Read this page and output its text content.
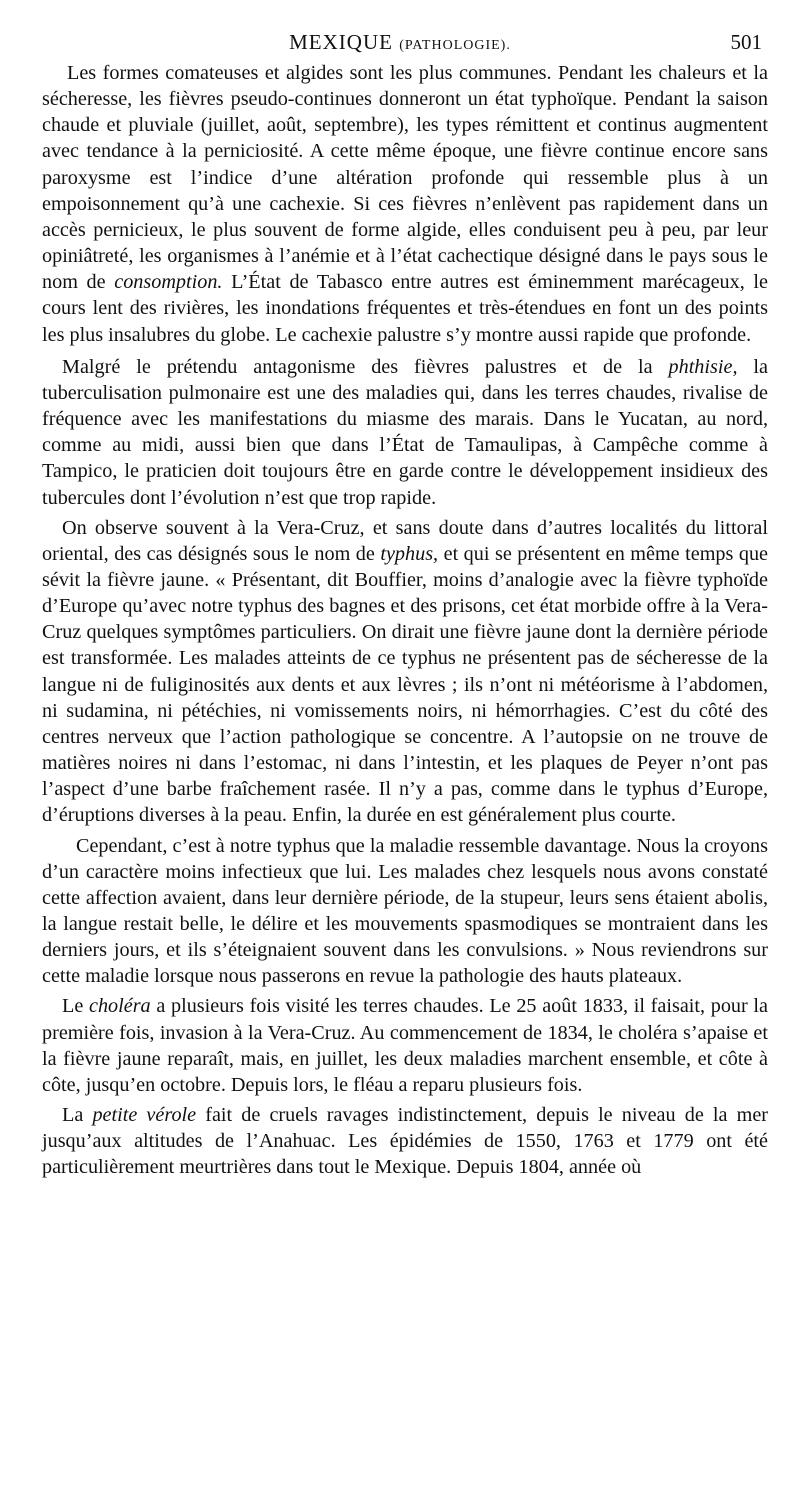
MEXIQUE (PATHOLOGIE).	501

Les formes comateuses et algides sont les plus communes. Pendant les chaleurs et la sécheresse, les fièvres pseudo-continues donneront un état typhoïque. Pendant la saison chaude et pluviale (juillet, août, septembre), les types rémittent et continus augmentent avec tendance à la perniciosité. A cette même époque, une fièvre continue encore sans paroxysme est l’indice d’une altération profonde qui ressemble plus à un empoisonnement qu’à une cachexie. Si ces fièvres n’enlèvent pas rapidement dans un accès pernicieux, le plus souvent de forme algide, elles conduisent peu à peu, par leur opiniâtreté, les organismes à l’anémie et à l’état cachectique désigné dans le pays sous le nom de consomption. L’État de Tabasco entre autres est éminemment marécageux, le cours lent des rivières, les inondations fréquentes et très-étendues en font un des points les plus insalubres du globe. Le cachexie palustre s’y montre aussi rapide que profonde.

Malgré le prétendu antagonisme des fièvres palustres et de la phthisie, la tuberculisation pulmonaire est une des maladies qui, dans les terres chaudes, rivalise de fréquence avec les manifestations du miasme des marais. Dans le Yucatan, au nord, comme au midi, aussi bien que dans l’État de Tamaulipas, à Campêche comme à Tampico, le praticien doit toujours être en garde contre le développement insidieux des tubercules dont l’évolution n’est que trop rapide.

On observe souvent à la Vera-Cruz, et sans doute dans d’autres localités du littoral oriental, des cas désignés sous le nom de typhus, et qui se présentent en même temps que sévit la fièvre jaune. « Présentant, dit Bouffier, moins d’analogie avec la fièvre typhoïde d’Europe qu’avec notre typhus des bagnes et des prisons, cet état morbide offre à la Vera-Cruz quelques symptômes particuliers. On dirait une fièvre jaune dont la dernière période est transformée. Les malades atteints de ce typhus ne présentent pas de sécheresse de la langue ni de fuliginosités aux dents et aux lèvres ; ils n’ont ni météorisme à l’abdomen, ni sudamina, ni pétéchies, ni vomissements noirs, ni hémorrhagies. C’est du côté des centres nerveux que l’action pathologique se concentre. A l’autopsie on ne trouve de matières noires ni dans l’estomac, ni dans l’intestin, et les plaques de Peyer n’ont pas l’aspect d’une barbe fraîchement rasée. Il n’y a pas, comme dans le typhus d’Europe, d’éruptions diverses à la peau. Enfin, la durée en est généralement plus courte.

Cependant, c’est à notre typhus que la maladie ressemble davantage. Nous la croyons d’un caractère moins infectieux que lui. Les malades chez lesquels nous avons constaté cette affection avaient, dans leur dernière période, de la stupeur, leurs sens étaient abolis, la langue restait belle, le délire et les mouvements spasmodiques se montraient dans les derniers jours, et ils s’éteignaient souvent dans les convulsions. » Nous reviendrons sur cette maladie lorsque nous passerons en revue la pathologie des hauts plateaux.

Le choléra a plusieurs fois visité les terres chaudes. Le 25 août 1833, il faisait, pour la première fois, invasion à la Vera-Cruz. Au commencement de 1834, le choléra s’apaise et la fièvre jaune reparaît, mais, en juillet, les deux maladies marchent ensemble, et côte à côte, jusqu’en octobre. Depuis lors, le fléau a reparu plusieurs fois.

La petite vérole fait de cruels ravages indistinctement, depuis le niveau de la mer jusqu’aux altitudes de l’Anahuac. Les épidémies de 1550, 1763 et 1779 ont été particulièrement meurtrières dans tout le Mexique. Depuis 1804, année où
